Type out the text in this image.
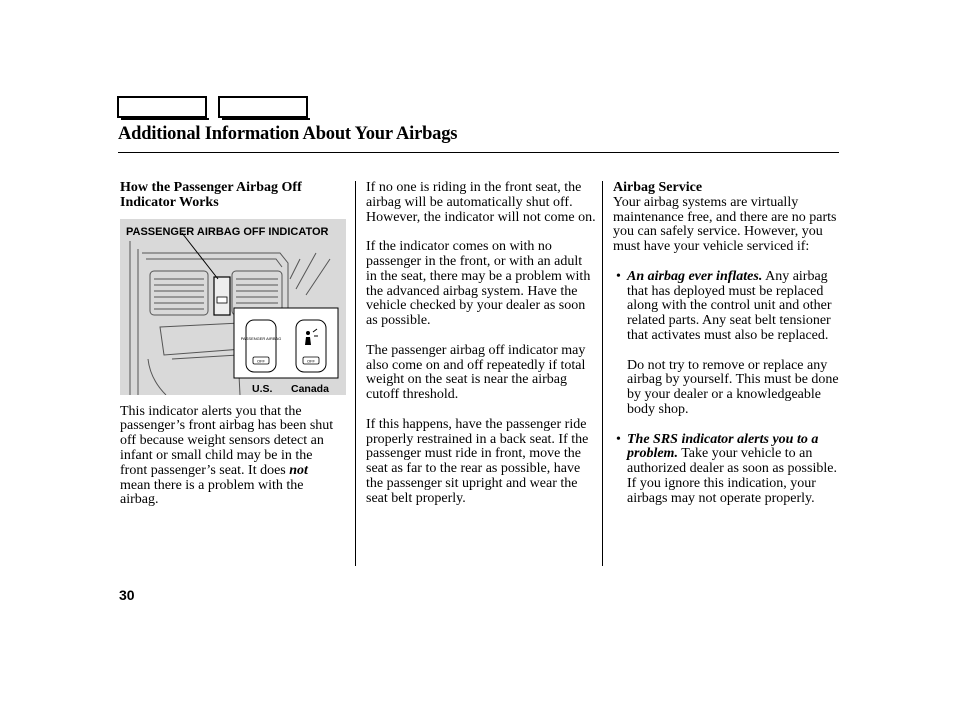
Additional Information About Your Airbags

How the Passenger Airbag Off Indicator Works

PASSENGER AIRBAG
OFF	OFF
PASSENGER AIRBAG OFF INDICATOR
U.S. Canada

This indicator alerts you that the passenger’s front airbag has been shut off because weight sensors detect an infant or small child may be in the front passenger’s seat. It does not mean there is a problem with the airbag.

If no one is riding in the front seat, the airbag will be automatically shut off. However, the indicator will not come on.

If the indicator comes on with no passenger in the front, or with an adult in the seat, there may be a problem with the advanced airbag system. Have the vehicle checked by your dealer as soon as possible.

The passenger airbag off indicator may also come on and off repeatedly if total weight on the seat is near the airbag cutoff threshold.

If this happens, have the passenger ride properly restrained in a back seat. If the passenger must ride in front, move the seat as far to the rear as possible, have the passenger sit upright and wear the seat belt properly.

Airbag Service

Your airbag systems are virtually maintenance free, and there are no parts you can safely service. However, you must have your vehicle serviced if:

• An airbag ever inflates. Any airbag that has deployed must be replaced along with the control unit and other related parts. Any seat belt tensioner that activates must also be replaced.

Do not try to remove or replace any airbag by yourself. This must be done by your dealer or a knowledgeable body shop.

• The SRS indicator alerts you to a problem. Take your vehicle to an authorized dealer as soon as possible. If you ignore this indication, your airbags may not operate properly.

30
